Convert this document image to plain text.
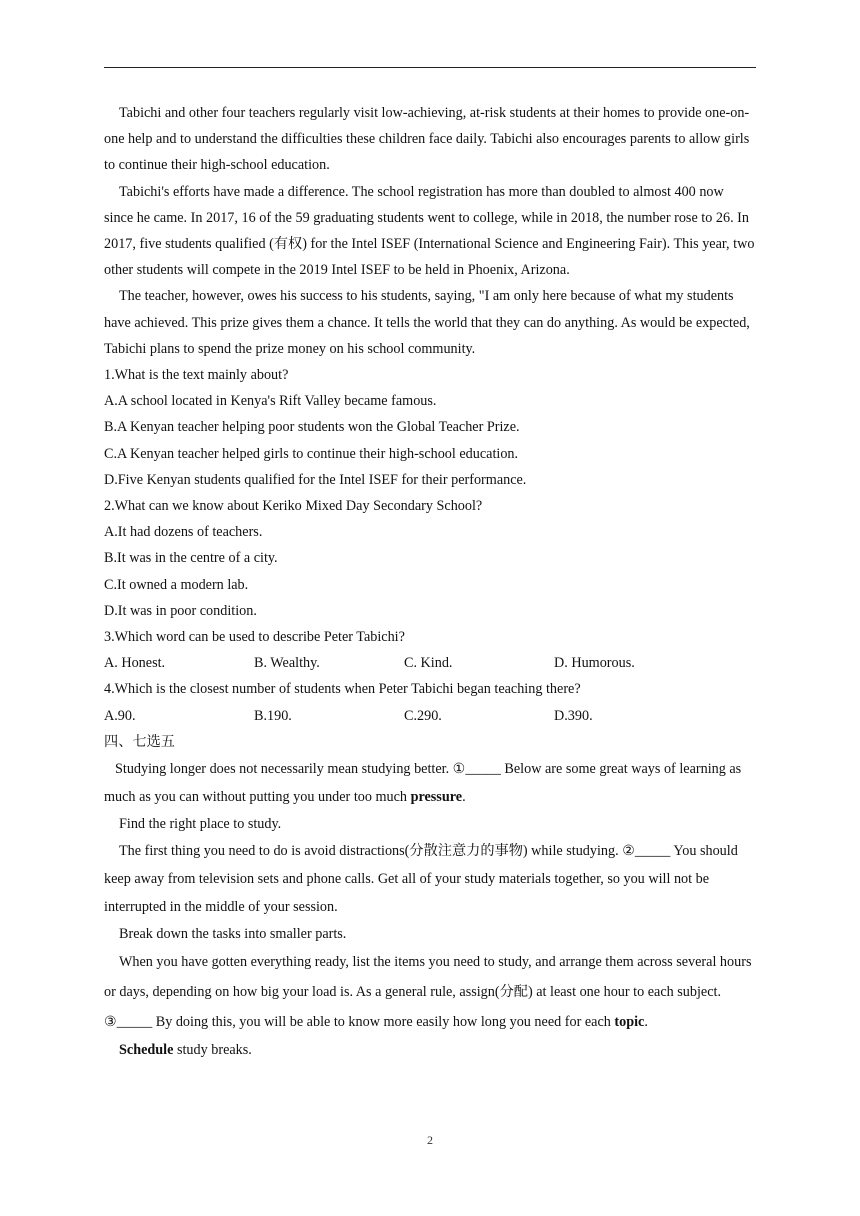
Tabichi and other four teachers regularly visit low-achieving, at-risk students at their homes to provide one-on-one help and to understand the difficulties these children face daily. Tabichi also encourages parents to allow girls to continue their high-school education.

Tabichi's efforts have made a difference. The school registration has more than doubled to almost 400 now since he came. In 2017, 16 of the 59 graduating students went to college, while in 2018, the number rose to 26. In 2017, five students qualified (有权) for the Intel ISEF (International Science and Engineering Fair). This year, two other students will compete in the 2019 Intel ISEF to be held in Phoenix, Arizona.

The teacher, however, owes his success to his students, saying, "I am only here because of what my students have achieved. This prize gives them a chance. It tells the world that they can do anything. As would be expected, Tabichi plans to spend the prize money on his school community.

1.What is the text mainly about?

A.A school located in Kenya's Rift Valley became famous.

B.A Kenyan teacher helping poor students won the Global Teacher Prize.

C.A Kenyan teacher helped girls to continue their high-school education.

D.Five Kenyan students qualified for the Intel ISEF for their performance.

2.What can we know about Keriko Mixed Day Secondary School?

A.It had dozens of teachers.

B.It was in the centre of a city.

C.It owned a modern lab.

D.It was in poor condition.

3.Which word can be used to describe Peter Tabichi?

A. Honest.	B. Wealthy.	C. Kind.	D. Humorous.

4.Which is the closest number of students when Peter Tabichi began teaching there?

A.90.	B.190.	C.290.	D.390.

四、七选五

Studying longer does not necessarily mean studying better. ①_____ Below are some great ways of learning as much as you can without putting you under too much pressure.

Find the right place to study.

The first thing you need to do is avoid distractions(分散注意力的事物) while studying. ②_____ You should keep away from television sets and phone calls. Get all of your study materials together, so you will not be interrupted in the middle of your session.

Break down the tasks into smaller parts.

When you have gotten everything ready, list the items you need to study, and arrange them across several hours or days, depending on how big your load is. As a general rule, assign(分配) at least one hour to each subject. ③_____ By doing this, you will be able to know more easily how long you need for each topic.

Schedule study breaks.

2
